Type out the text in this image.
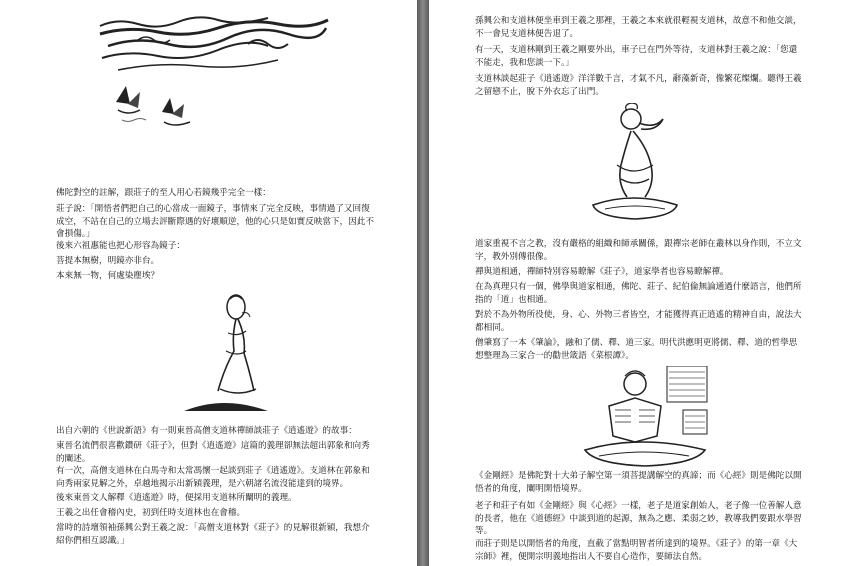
佛陀對空的註解，跟莊子的至人用心若鏡幾乎完全一樣：

莊子說：「開悟者們把自己的心當成一面鏡子，事情來了完全反映，事情過了又回復成空，不站在自己的立場去評斷際遇的好壞順逆，他的心只是如實反映當下，因此不會損傷。」

後來六祖惠能也把心形容為鏡子：

菩提本無樹，明鏡亦非台。

本來無一物，何處染塵埃？

出自六朝的《世說新語》有一則東晉高僧支道林禪師談莊子《逍遙遊》的故事：

東晉名流們很喜歡鑽研《莊子》，但對《逍遙遊》這篇的義理卻無法超出郭象和向秀的闡述。

有一次，高僧支道林在白馬寺和太常馮懷一起談到莊子《逍遙遊》。支道林在郭象和向秀兩家見解之外，卓越地揭示出新穎義理，是六朝諸名流沒能達到的境界。

後來東晉文人解釋《逍遙遊》時，便採用支道林所闡明的義理。

王羲之出任會稽內史，初到任時支道林也在會稽。

當時的詩壇領袖孫興公對王羲之說：「高僧支道林對《莊子》的見解很新穎，我想介紹你們相互認識。」

孫興公和支道林便坐車到王羲之那裡，王羲之本來就很輕視支道林，故意不和他交談，不一會兒支道林便告退了。

有一天，支道林剛到王羲之剛要外出，車子已在門外等待，支道林對王羲之說：「您還不能走，我和您談一下。」

支道林談起莊子《逍遙遊》洋洋數千言，才氣不凡，辭藻新奇，像繁花燦爛。聽得王羲之留戀不止，脫下外衣忘了出門。

道家重視不言之教，沒有嚴格的組織和師承關係，跟禪宗老師在叢林以身作則，不立文字，教外別傳很像。

禪與道相通，禪師特別容易瞭解《莊子》，道家學者也容易瞭解禪。

在為真理只有一個，佛學與道家相通，佛陀、莊子、紀伯倫無論通過什麼語言，他們所指的「道」也相通。

對於不為外物所役使，身、心、外物三者皆空，才能獲得真正逍遙的精神自由，說法大都相同。

僧肇寫了一本《肇論》，融和了儒、釋、道三家。明代洪應明更將儒、釋、道的哲學思想整理為三家合一的勸世箴語《菜根譚》。

《金剛經》是佛陀對十大弟子解空第一須菩提講解空的真諦；而《心經》則是佛陀以開悟者的角度，闡明開悟境界。

老子和莊子有如《金剛經》與《心經》一樣，老子是道家創始人，老子像一位善解人意的長者，他在《道德經》中談到道的起源，無為之應、柔弱之妙，教導我們要跟水學習等。

而莊子則是以開悟者的角度，直截了當點明智者所達到的境界。《莊子》的第一章《大宗師》裡，便開宗明義地指出人不要自心造作，要師法自然。
